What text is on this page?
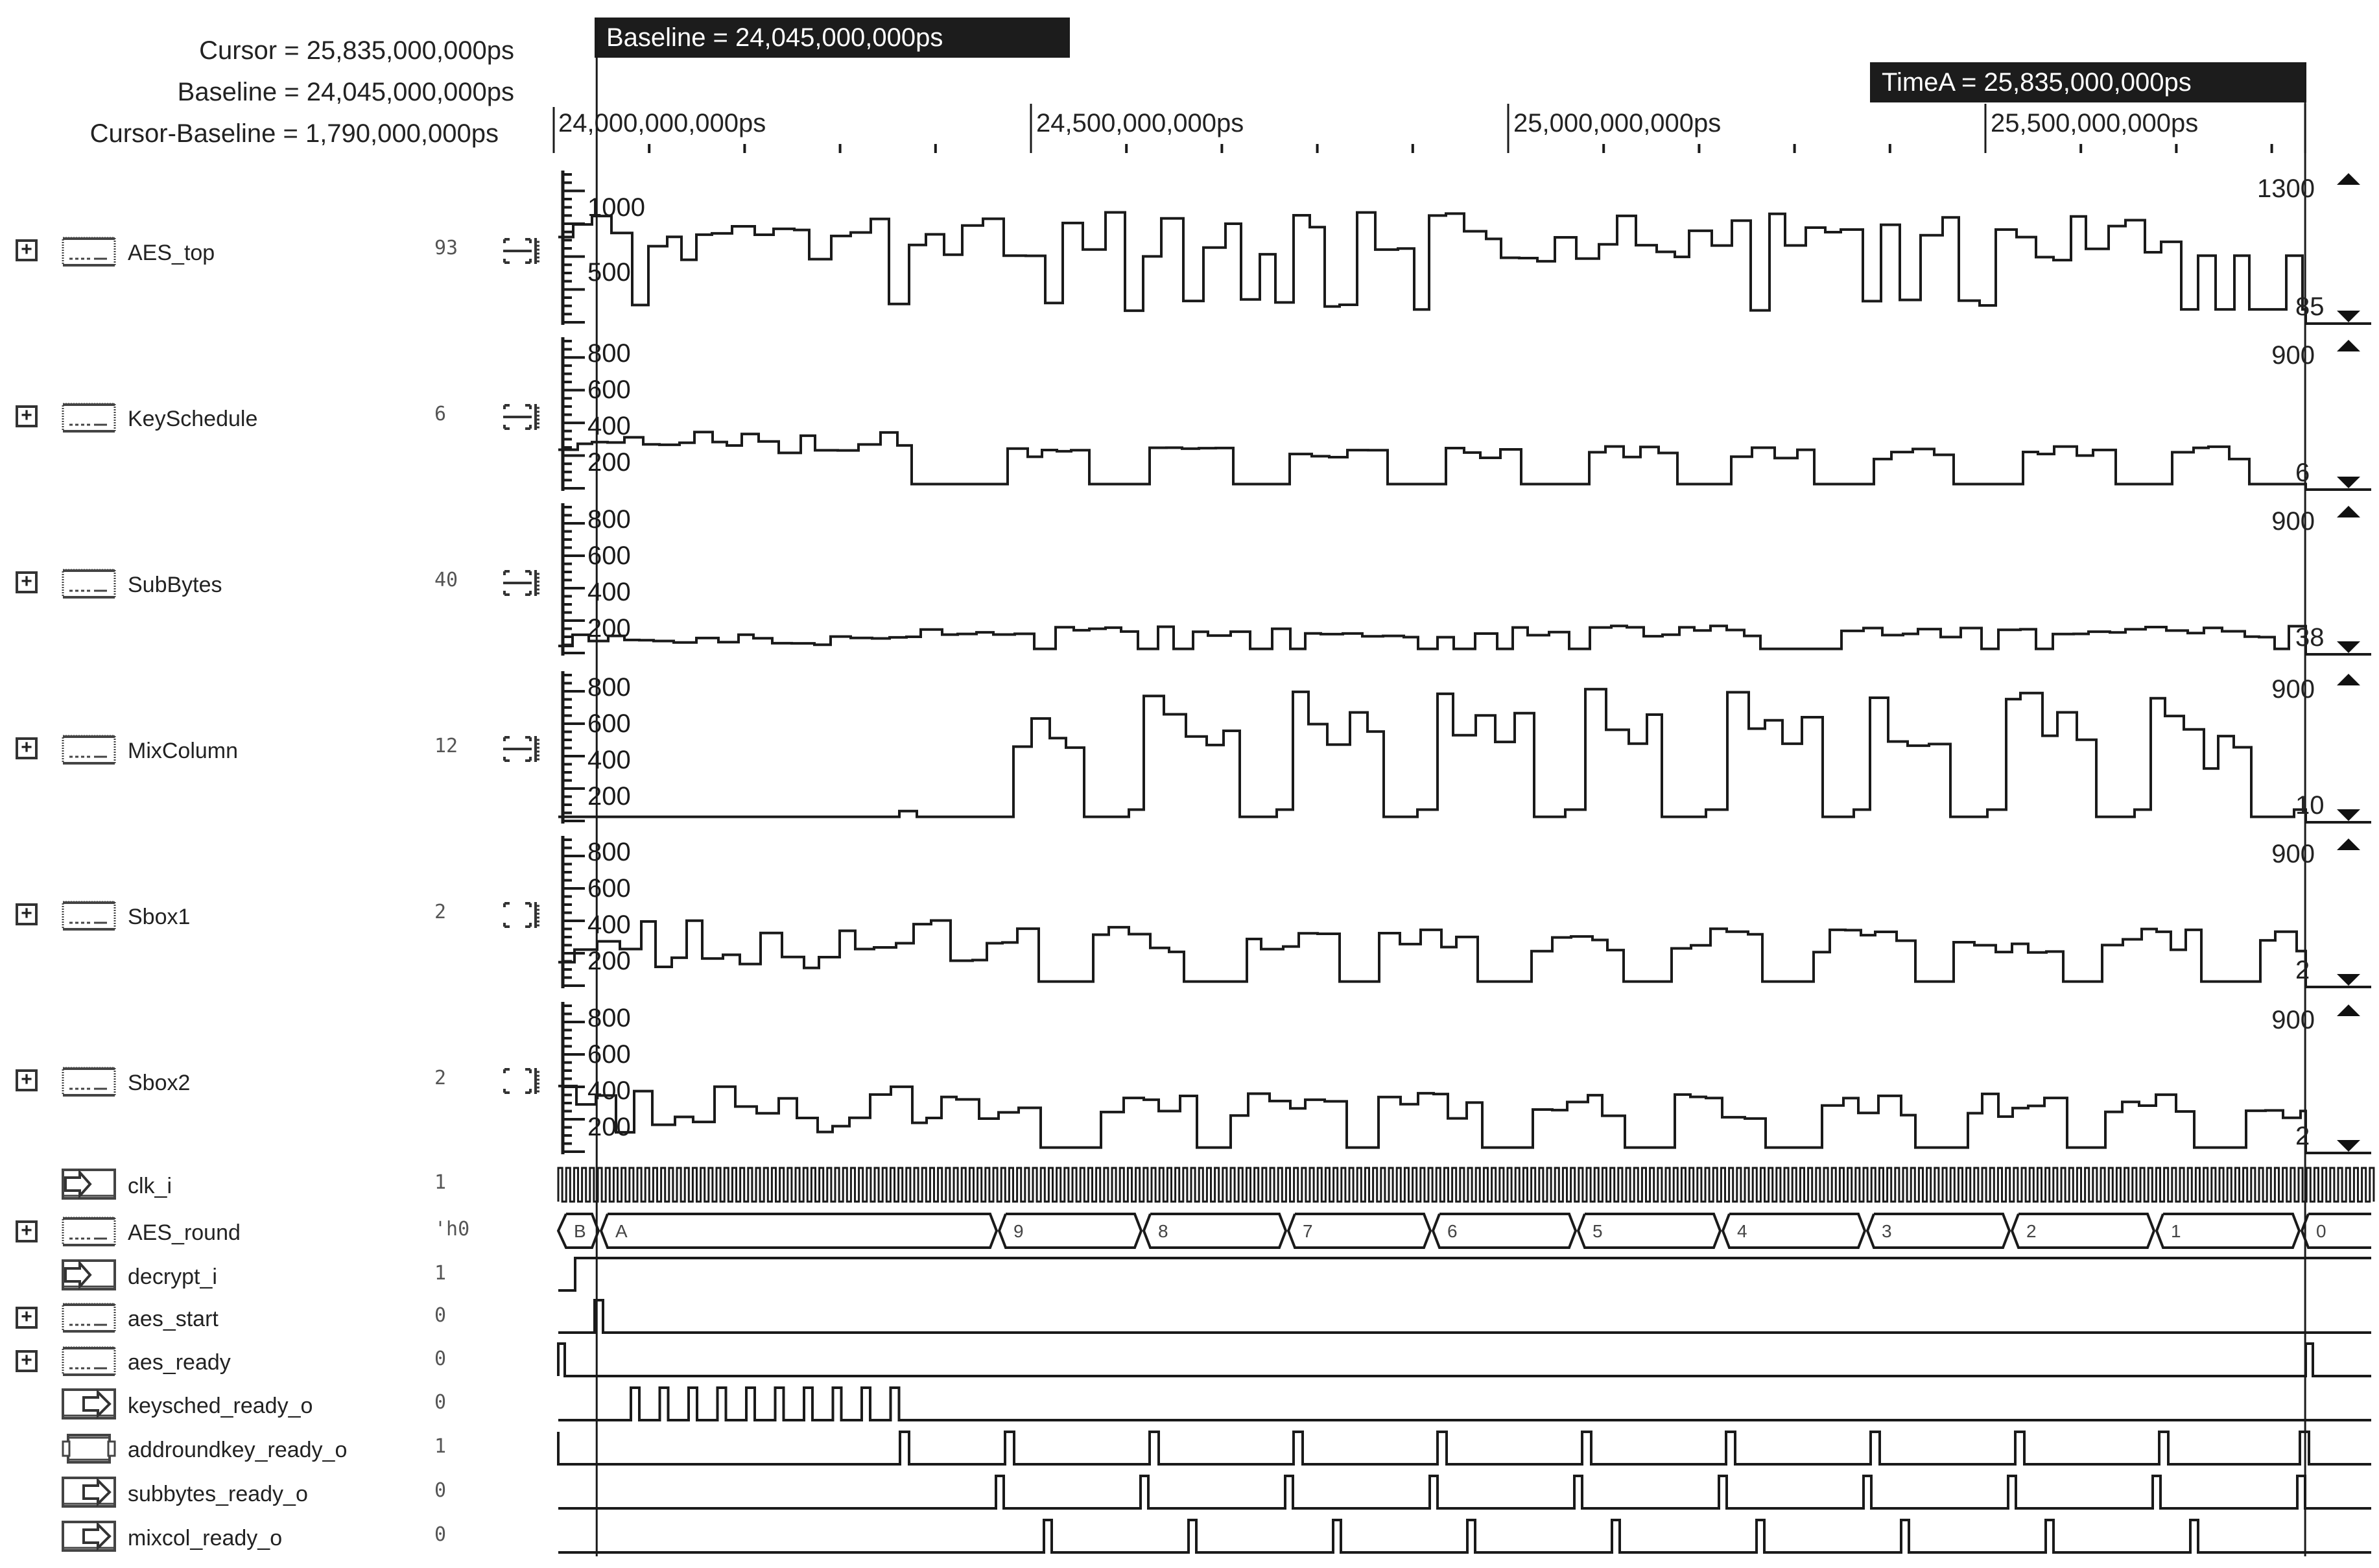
Cursor = 25,835,000,000ps
Baseline = 24,045,000,000ps
Cursor-Baseline = 1,790,000,000ps
Baseline = 24,045,000,000ps
TimeA = 25,835,000,000ps
24,000,000,000ps	24,500,000,000ps	25,000,000,000ps	25,500,000,000ps
1000
500
800
600
400
200
800
600
400
200
800
600
400
200
800
600
400
200
800
600
400
200
B A	9	8	7	6	5	4	3	2	1	0
+	AES_top	93
+	KeySchedule	6
+	SubBytes	40
+	MixColumn	12
+	Sbox1	2
+	Sbox2	2
clk_i	1
+	AES_round	'h0
decrypt_i	1
+	aes_start	0
+	aes_ready	0
keysched_ready_o	0
addroundkey_ready_o	1
subbytes_ready_o	0
mixcol_ready_o	0
1300
85
900
6
900
38
900
10
900
2
900
2
